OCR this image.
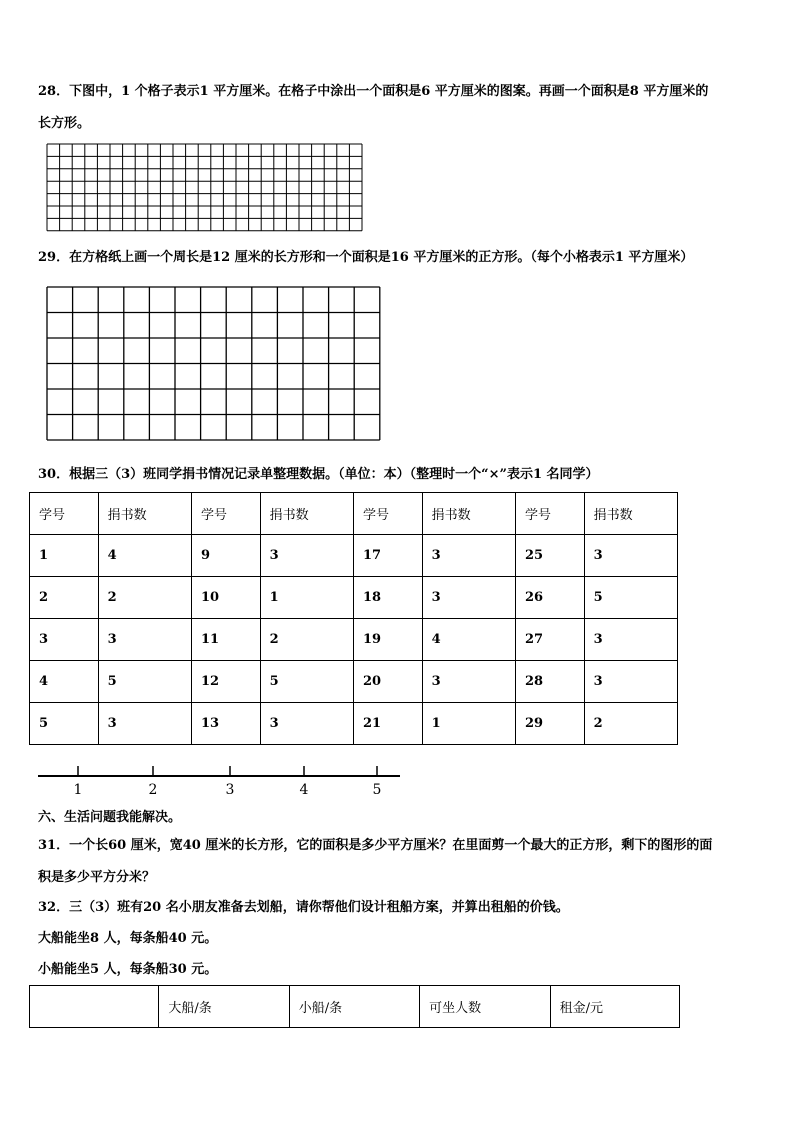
28．下图中，1 个格子表示1 平方厘米。在格子中涂出一个面积是6 平方厘米的图案。再画一个面积是8 平方厘米的
长方形。
29．在方格纸上画一个周长是12 厘米的长方形和一个面积是16 平方厘米的正方形。（每个小格表示1 平方厘米）
30．根据三（3）班同学捐书情况记录单整理数据。（单位：本）（整理时一个“×”表示1 名同学）
学号	捐书数	学号	捐书数	学号	捐书数	学号	捐书数
1	4	9	3	17	3	25	3
2	2	10	1	18	3	26	5
3	3	11	2	19	4	27	3
4	5	12	5	20	3	28	3
5	3	13	3	21	1	29	2
1	2	3	4	5
六、生活问题我能解决。
31．一个长60 厘米，宽40 厘米的长方形，它的面积是多少平方厘米？在里面剪一个最大的正方形，剩下的图形的面
积是多少平方分米？
32．三（3）班有20 名小朋友准备去划船，请你帮他们设计租船方案，并算出租船的价钱。
大船能坐8 人，每条船40 元。
小船能坐5 人，每条船30 元。
	大船/条	小船/条	可坐人数	租金/元
